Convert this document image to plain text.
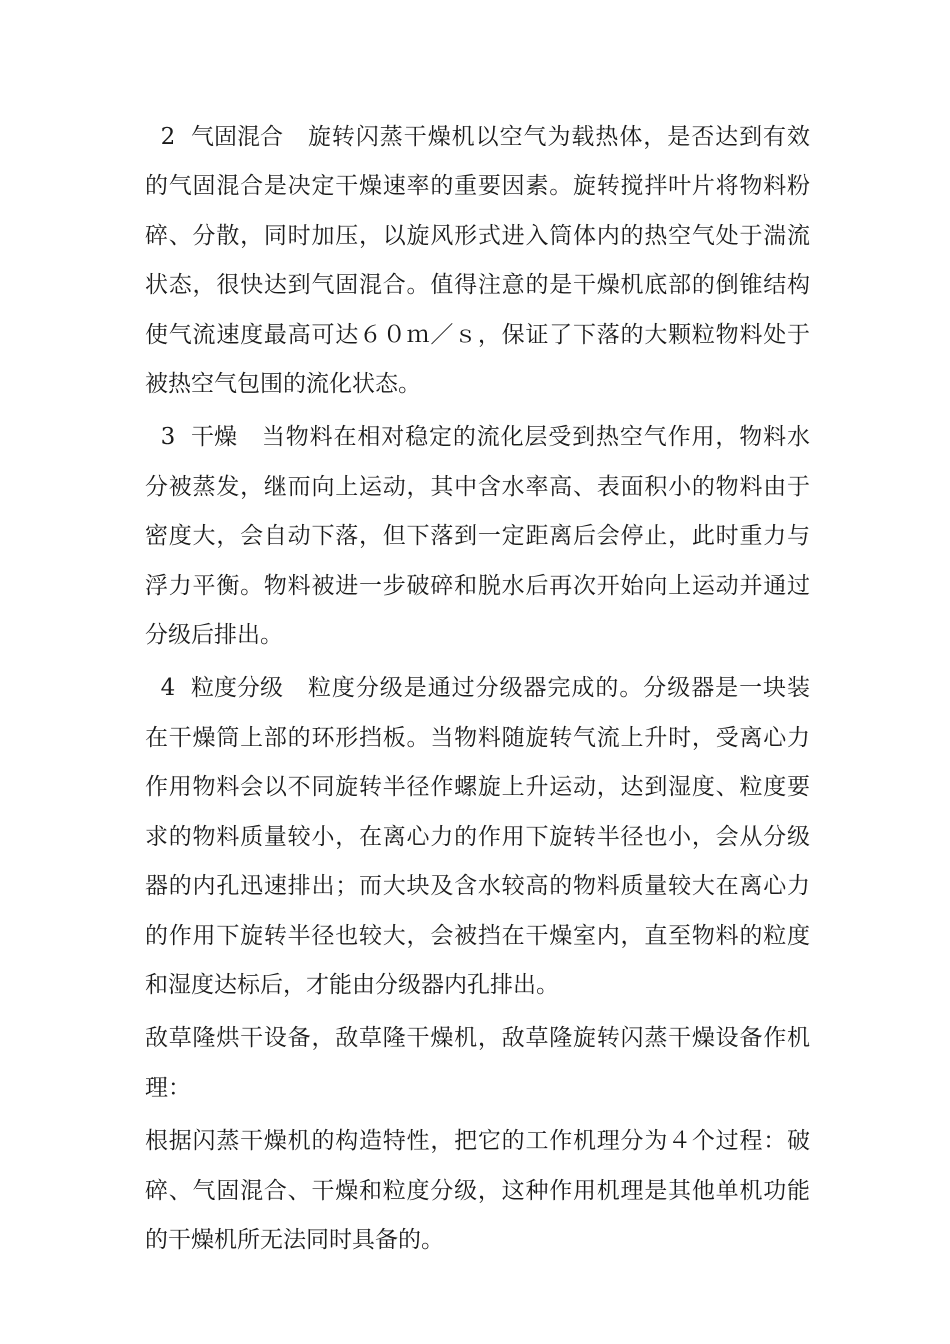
2 气固混合 旋转闪蒸干燥机以空气为载热体，是否达到有效的气固混合是决定干燥速率的重要因素。旋转搅拌叶片将物料粉碎、分散，同时加压，以旋风形式进入筒体内的热空气处于湍流状态，很快达到气固混合。值得注意的是干燥机底部的倒锥结构使气流速度最高可达６０ｍ／ｓ，保证了下落的大颗粒物料处于被热空气包围的流化状态。

3 干燥 当物料在相对稳定的流化层受到热空气作用，物料水分被蒸发，继而向上运动，其中含水率高、表面积小的物料由于密度大，会自动下落，但下落到一定距离后会停止，此时重力与浮力平衡。物料被进一步破碎和脱水后再次开始向上运动并通过分级后排出。

4 粒度分级 粒度分级是通过分级器完成的。分级器是一块装在干燥筒上部的环形挡板。当物料随旋转气流上升时，受离心力作用物料会以不同旋转半径作螺旋上升运动，达到湿度、粒度要求的物料质量较小，在离心力的作用下旋转半径也小，会从分级器的内孔迅速排出；而大块及含水较高的物料质量较大在离心力的作用下旋转半径也较大，会被挡在干燥室内，直至物料的粒度和湿度达标后，才能由分级器内孔排出。

敌草隆烘干设备，敌草隆干燥机，敌草隆旋转闪蒸干燥设备作机理：

根据闪蒸干燥机的构造特性，把它的工作机理分为４个过程：破碎、气固混合、干燥和粒度分级，这种作用机理是其他单机功能的干燥机所无法同时具备的。
